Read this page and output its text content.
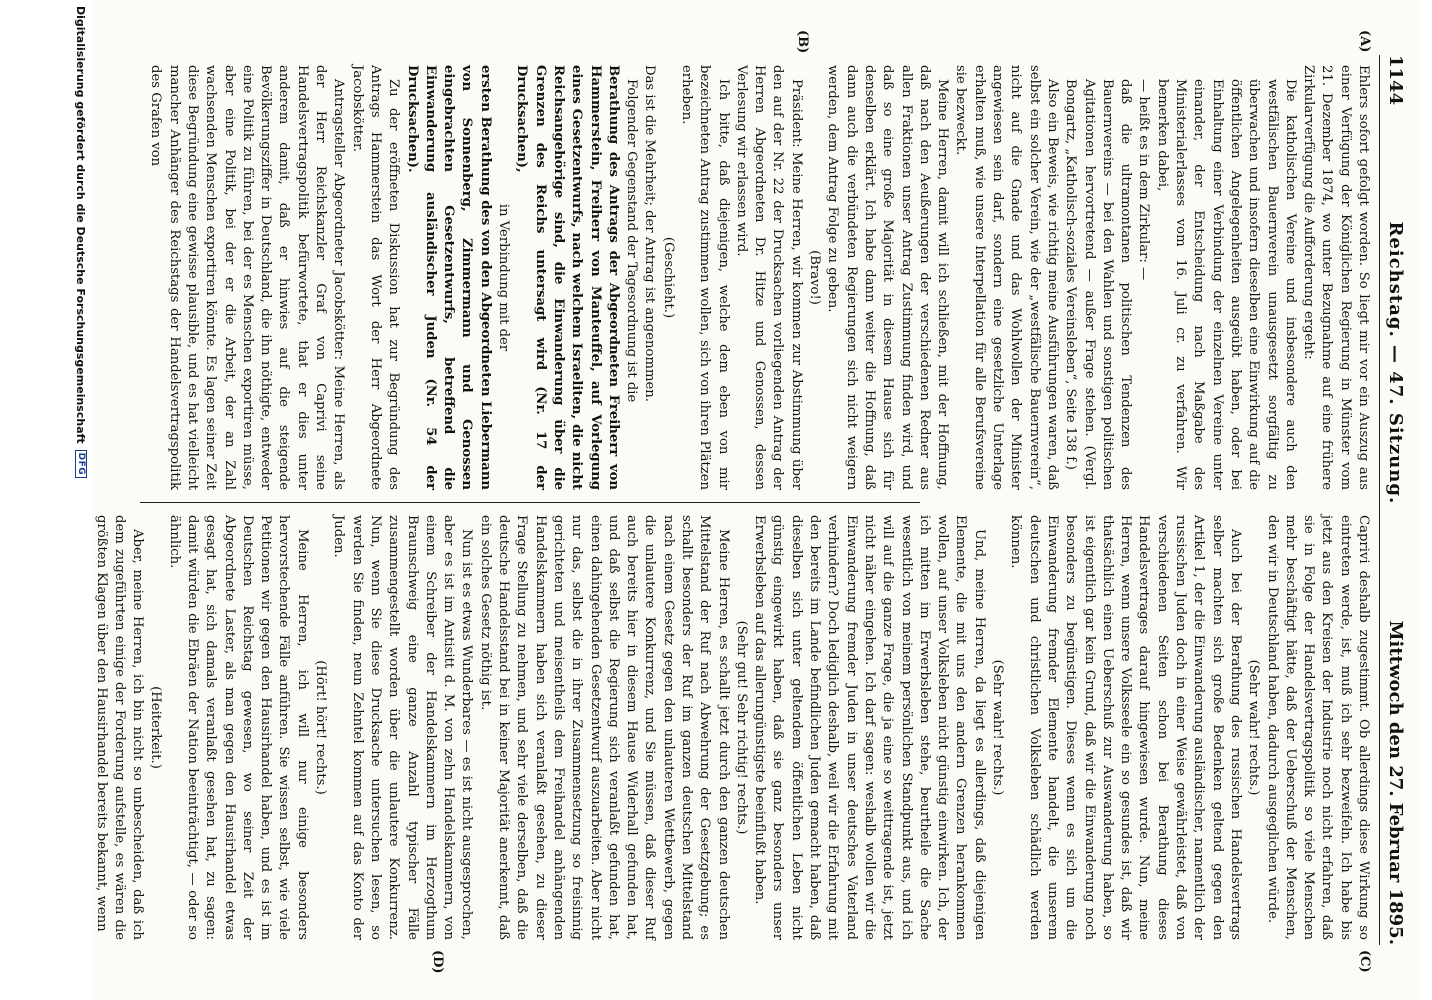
1144
Reichstag. — 47. Sitzung.
Mittwoch den 27. Februar 1895.
(A)
(B)
(C)
(D)

Ehlers sofort gefolgt worden. So liegt mir vor ein Auszug aus einer Verfügung der Königlichen Regierung in Münster vom 21. Dezember 1874, wo unter Bezugnahme auf eine frühere Zirkularverfügung die Aufforderung ergeht:

Die katholischen Vereine und insbesondere auch den westfälischen Bauernverein unausgesetzt sorgfältig zu überwachen und insofern dieselben eine Einwirkung auf die öffentlichen Angelegenheiten ausgeübt haben, oder bei Einhaltung einer Verbindung der einzelnen Vereine unter einander, der Entscheidung nach Maßgabe des Ministerialerlasses vom 16. Juli cr. zu verfahren. Wir bemerken dabei,

— heißt es in dem Zirkular: —

daß die ultramontanen politischen Tendenzen des Bauernvereins — bei den Wahlen und sonstigen politischen Agitationen hervortretend — außer Frage stehen. (Vergl. Bongartz, „Katholisch-soziales Vereinsleben“, Seite 138 f.)

Also ein Beweis, wie richtig meine Ausführungen waren, daß selbst ein solcher Verein, wie der „westfälische Bauernverein“, nicht auf die Gnade und das Wohlwollen der Minister angewiesen sein darf, sondern eine gesetzliche Unterlage erhalten muß, wie unsere Interpellation für alle Berufsvereine sie bezweckt.

Meine Herren, damit will ich schließen, mit der Hoffnung, daß nach den Aeußerungen der verschiedenen Redner aus allen Fraktionen unser Antrag Zustimmung finden wird, und daß so eine große Majorität in diesem Hause sich für denselben erklärt. Ich habe dann weiter die Hoffnung, daß dann auch die verbündeten Regierungen sich nicht weigern werden, dem Antrag Folge zu geben.

(Bravo!)

Präsident: Meine Herren, wir kommen zur Abstimmung über den auf der Nr. 22 der Drucksachen vorliegenden Antrag der Herren Abgeordneten Dr. Hitze und Genossen, dessen Verlesung wir erlassen wird.

Ich bitte, daß diejenigen, welche dem eben von mir bezeichneten Antrag zustimmen wollen, sich von ihren Plätzen erheben.

(Geschieht.)

Das ist die Mehrheit; der Antrag ist angenommen.

Folgender Gegenstand der Tagesordnung ist die

Berathung des Antrags der Abgeordneten Freiherr von Hammerstein, Freiherr von Manteuffel, auf Vorlegung eines Gesetzentwurfs, nach welchem Israeliten, die nicht Reichsangehörige sind, die Einwanderung über die Grenzen des Reichs untersagt wird (Nr. 17 der Drucksachen),

in Verbindung mit der

ersten Berathung des von den Abgeordneten Liebermann von Sonnenberg, Zimmermann und Genossen eingebrachten Gesetzentwurfs, betreffend die Einwanderung ausländischer Juden (Nr. 54 der Drucksachen).

Zu der eröffneten Diskussion hat zur Begründung des Antrags Hammerstein das Wort der Herr Abgeordnete Jacobskötter.

Antragsteller Abgeordneter Jacobskötter: Meine Herren, als der Herr Reichskanzler Graf von Caprivi seine Handelsvertragspolitik befürwortete, that er dies unter anderem damit, daß er hinwies auf die steigende Bevölkerungsziffer in Deutschland, die ihn nöthigte, entweder eine Politik zu führen, bei der es Menschen exportiren müsse, aber eine Politik, bei der er die Arbeit, der an Zahl wachsenden Menschen exportiren könnte. Es lagen seiner Zeit diese Begründung eine gewisse plausible, und es hat vielleicht mancher Anhänger des Reichstags der Handelsvertragspolitik des Grafen von

Caprivi deshalb zugestimmt. Ob allerdings diese Wirkung so eintreten werde, ist, muß ich sehr bezweifeln. Ich habe bis jetzt aus den Kreisen der Industrie noch nicht erfahren, daß sie in Folge der Handelsvertragspolitik so viele Menschen mehr beschäftigt hätte, daß der Ueberschuß der Menschen, den wir in Deutschland haben, dadurch ausgeglichen würde.

(Sehr wahr! rechts.)

Auch bei der Berathung des russischen Handelsvertrags selber machten sich große Bedenken geltend gegen den Artikel 1, der die Einwanderung ausländischer, namentlich der russischen Juden doch in einer Weise gewährleistet, daß von verschiedenen Seiten schon bei Berathung dieses Handelsvertrages darauf hingewiesen wurde. Nun, meine Herren, wenn unsere Volksseele ein so gesundes ist, daß wir thatsächlich einen Ueberschuß zur Auswanderung haben, so ist eigentlich gar kein Grund, daß wir die Einwanderung noch besonders zu begünstigen. Dieses wenn es sich um die Einwanderung fremder Elemente handelt, die unserem deutschen und christlichen Volksleben schädlich werden können.

(Sehr wahr! rechts.)

Und, meine Herren, da liegt es allerdings, daß diejenigen Elemente, die mit uns den andern Grenzen herankommen wollen, auf unser Volksleben nicht günstig einwirken. Ich, der ich mitten im Erwerbsleben stehe, beurtheile die Sache wesentlich von meinem persönlichen Standpunkt aus, und ich will auf die ganze Frage, die ja eine so weittragende ist, jetzt nicht näher eingehen. Ich darf sagen: weshalb wollen wir die Einwanderung fremder Juden in unser deutsches Vaterland verhindern? Doch lediglich deshalb, weil wir die Erfahrung mit den bereits im Lande befindlichen Juden gemacht haben, daß dieselben sich unter geltendem öffentlichen Leben nicht günstig eingewirkt haben, daß sie ganz besonders unser Erwerbsleben auf das allerungünstigste beeinflußt haben.

(Sehr gut! Sehr richtig! rechts.)

Meine Herren, es schallt jetzt durch den ganzen deutschen Mittelstand der Ruf nach Abwehrung der Gesetzgebung; es schallt besonders der Ruf im ganzen deutschen Mittelstand nach einem Gesetz gegen den unlauteren Wettbewerb, gegen die unlautere Konkurrenz, und Sie müssen, daß dieser Ruf auch bereits hier in diesem Hause Widerhall gefunden hat, und daß selbst die Regierung sich veranlaßt gefunden hat, einen dahingehenden Gesetzentwurf auszuarbeiten. Aber nicht nur das, selbst die in ihrer Zusammensetzung so freisinnig gerichteten und meisentheils dem Freihandel anhängenden Handelskammern haben sich veranlaßt gesehen, zu dieser Frage Stellung zu nehmen, und sehr viele derselben, daß die deutsche Handelsstand bei in keiner Majorität anerkennt, daß ein solches Gesetz nöthig ist.

Nun ist es etwas Wunderbares — es ist nicht ausgesprochen, aber es ist im Antisitt d. M. von zehn Handelskammern, von einem Schreiber der Handelskammern im Herzogthum Braunschweig eine ganze Anzahl typischer Fälle zusammengestellt worden über die unlautere Konkurrenz. Nun, wenn Sie diese Drucksache untersuchen lesen, so werden Sie finden, neun Zehntel kommen auf das Konto der Juden.

(Hört! hört! rechts.)

Meine Herren, ich will nur einige besonders hervorstechende Fälle anführen. Sie wissen selbst, wie viele Petitionen wir gegen den Hausirhandel haben, und es ist im Deutschen Reichstag gewesen, wo seiner Zeit der Abgeordnete Laster, als man gegen den Hausirhandel etwas gesagt hat, sich damals veranlaßt gesehen hat, zu sagen: damit würden die Ebräen der Nation beeinträchtigt, — oder so ähnlich.

(Heiterkeit.)

Aber, meine Herren, ich bin nicht so unbescheiden, daß ich dem zugeführten einige der Forderung aufstelle, es wären die größten Klagen über den Hausirhandel bereits bekannt, wenn

Digitalisierung gefördert durch die Deutsche Forschungsgemeinschaft
DFG
